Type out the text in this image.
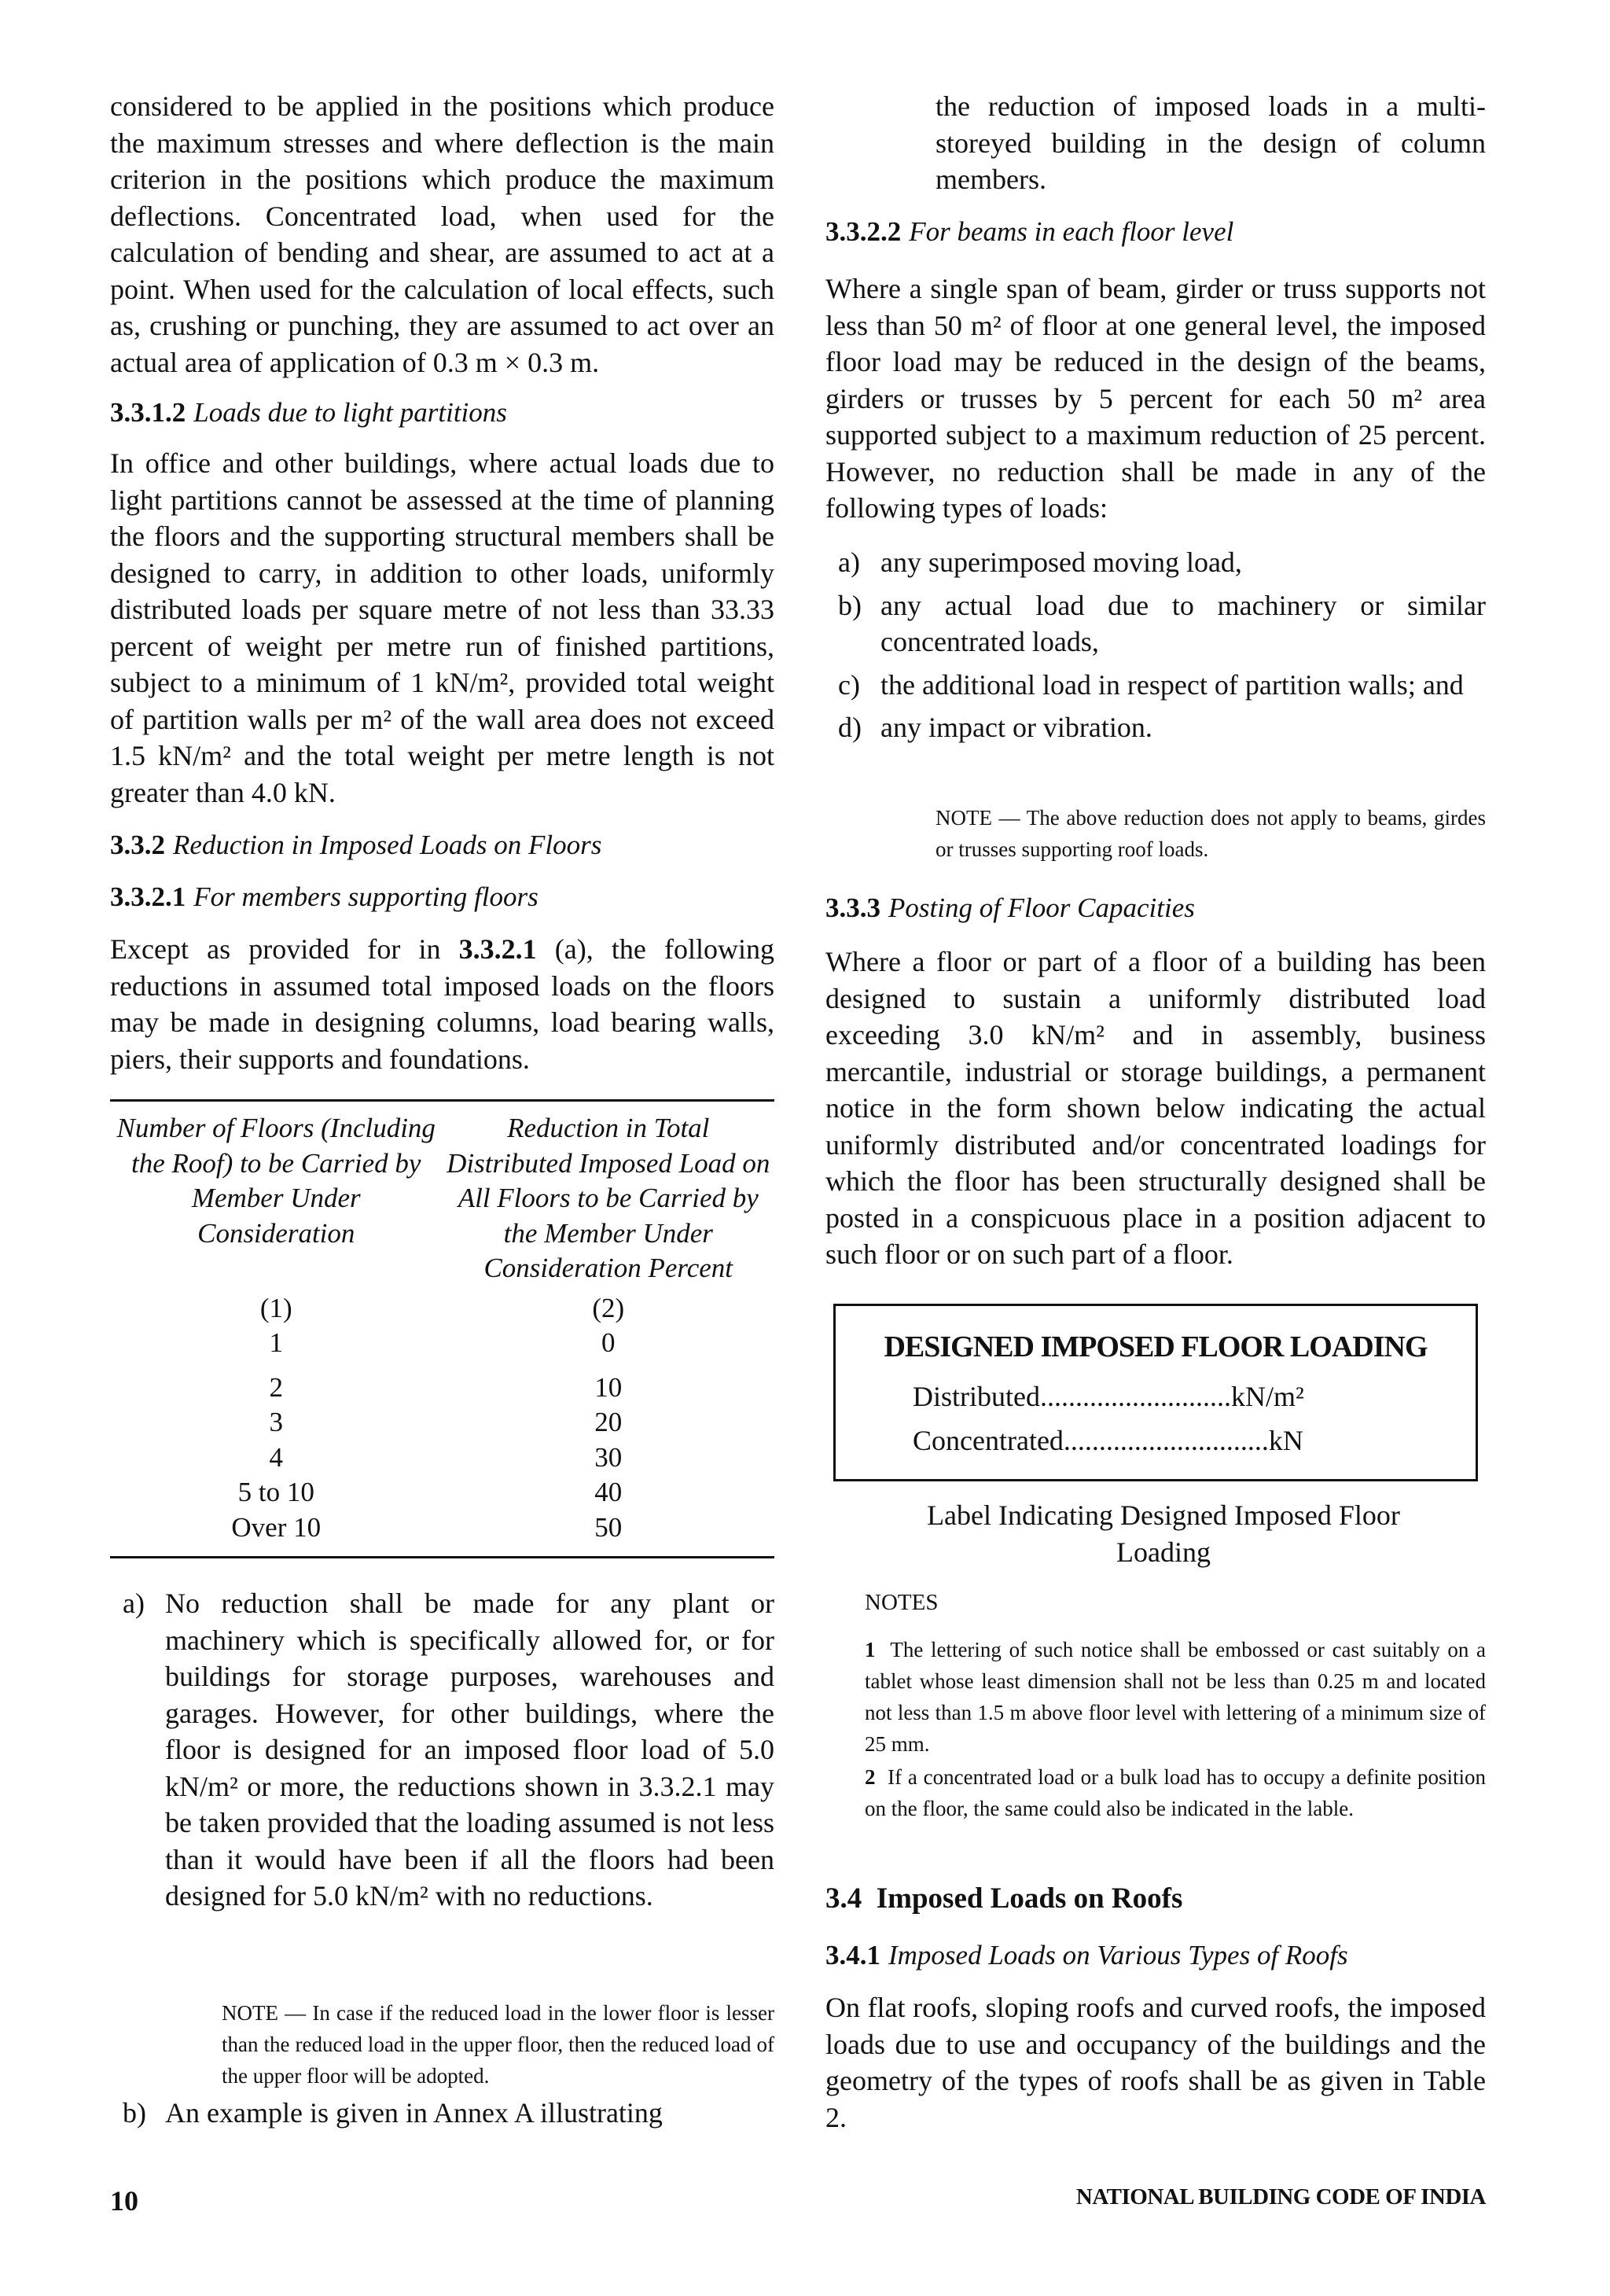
considered to be applied in the positions which produce the maximum stresses and where deflection is the main criterion in the positions which produce the maximum deflections. Concentrated load, when used for the calculation of bending and shear, are assumed to act at a point. When used for the calculation of local effects, such as, crushing or punching, they are assumed to act over an actual area of application of 0.3 m × 0.3 m.

3.3.1.2 Loads due to light partitions

In office and other buildings, where actual loads due to light partitions cannot be assessed at the time of planning the floors and the supporting structural members shall be designed to carry, in addition to other loads, uniformly distributed loads per square metre of not less than 33.33 percent of weight per metre run of finished partitions, subject to a minimum of 1 kN/m², provided total weight of partition walls per m² of the wall area does not exceed 1.5 kN/m² and the total weight per metre length is not greater than 4.0 kN.

3.3.2 Reduction in Imposed Loads on Floors

3.3.2.1 For members supporting floors

Except as provided for in 3.3.2.1 (a), the following reductions in assumed total imposed loads on the floors may be made in designing columns, load bearing walls, piers, their supports and foundations.

Number of Floors (Including the Roof) to be Carried by Member Under Consideration	Reduction in Total Distributed Imposed Load on All Floors to be Carried by the Member Under Consideration Percent
(1)	(2)
1	0
2	10
3	20
4	30
5 to 10	40
Over 10	50
a) No reduction shall be made for any plant or machinery which is specifically allowed for, or for buildings for storage purposes, warehouses and garages. However, for other buildings, where the floor is designed for an imposed floor load of 5.0 kN/m² or more, the reductions shown in 3.3.2.1 may be taken provided that the loading assumed is not less than it would have been if all the floors had been designed for 5.0 kN/m² with no reductions.

NOTE — In case if the reduced load in the lower floor is lesser than the reduced load in the upper floor, then the reduced load of the upper floor will be adopted.

b) An example is given in Annex A illustrating

the reduction of imposed loads in a multi-storeyed building in the design of column members.

3.3.2.2 For beams in each floor level

Where a single span of beam, girder or truss supports not less than 50 m² of floor at one general level, the imposed floor load may be reduced in the design of the beams, girders or trusses by 5 percent for each 50 m² area supported subject to a maximum reduction of 25 percent. However, no reduction shall be made in any of the following types of loads:

a) any superimposed moving load,
b) any actual load due to machinery or similar concentrated loads,
c) the additional load in respect of partition walls; and
d) any impact or vibration.

NOTE — The above reduction does not apply to beams, girdes or trusses supporting roof loads.

3.3.3 Posting of Floor Capacities

Where a floor or part of a floor of a building has been designed to sustain a uniformly distributed load exceeding 3.0 kN/m² and in assembly, business mercantile, industrial or storage buildings, a permanent notice in the form shown below indicating the actual uniformly distributed and/or concentrated loadings for which the floor has been structurally designed shall be posted in a conspicuous place in a position adjacent to such floor or on such part of a floor.

DESIGNED IMPOSED FLOOR LOADING
Distributed...........................kN/m²
Concentrated.............................kN

Label Indicating Designed Imposed Floor Loading

NOTES

1 The lettering of such notice shall be embossed or cast suitably on a tablet whose least dimension shall not be less than 0.25 m and located not less than 1.5 m above floor level with lettering of a minimum size of 25 mm.

2 If a concentrated load or a bulk load has to occupy a definite position on the floor, the same could also be indicated in the lable.

3.4 Imposed Loads on Roofs

3.4.1 Imposed Loads on Various Types of Roofs

On flat roofs, sloping roofs and curved roofs, the imposed loads due to use and occupancy of the buildings and the geometry of the types of roofs shall be as given in Table 2.

10	NATIONAL BUILDING CODE OF INDIA
